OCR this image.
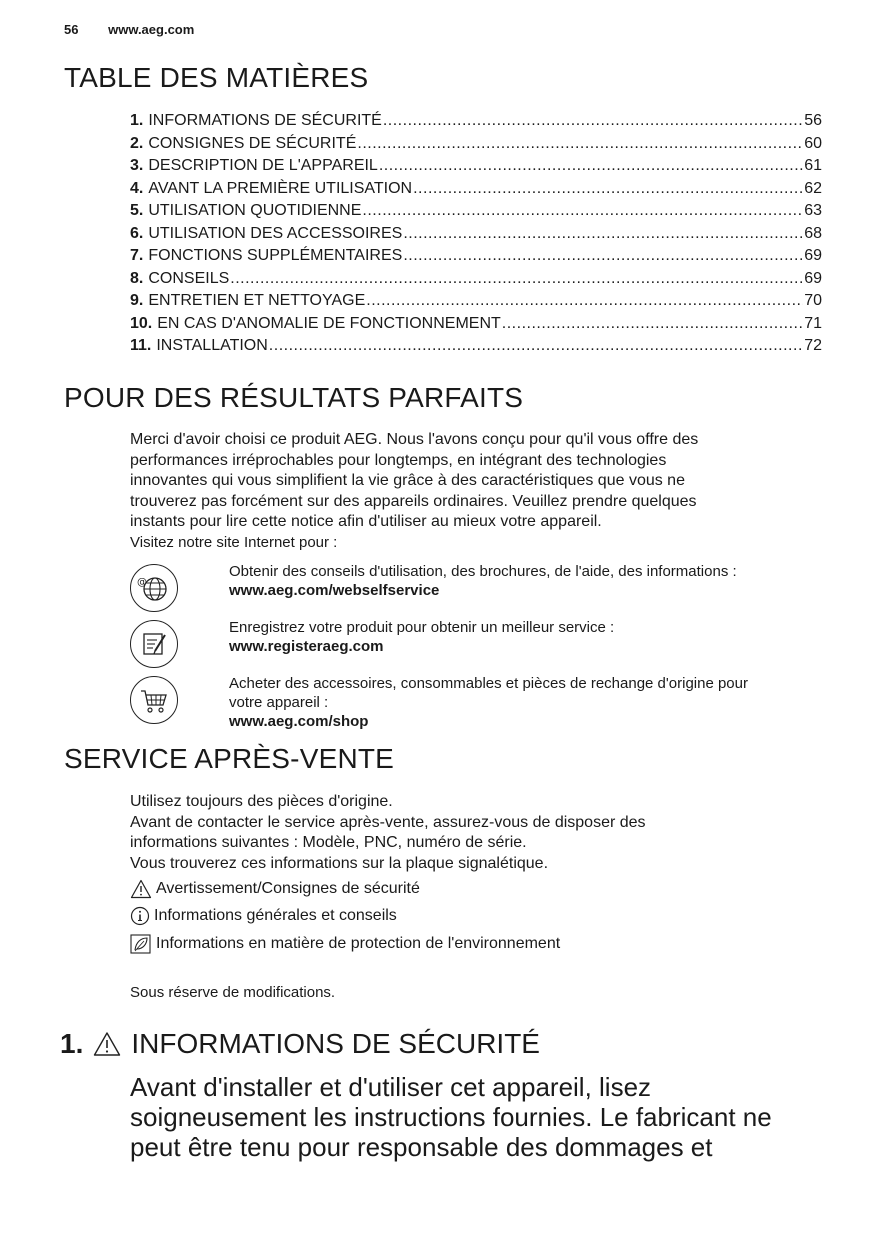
56 www.aeg.com
TABLE DES MATIÈRES
1. INFORMATIONS DE SÉCURITÉ .....	56
2. CONSIGNES DE SÉCURITÉ .....	60
3. DESCRIPTION DE L'APPAREIL .....	61
4. AVANT LA PREMIÈRE UTILISATION .....	62
5. UTILISATION QUOTIDIENNE .....	63
6. UTILISATION DES ACCESSOIRES .....	68
7. FONCTIONS SUPPLÉMENTAIRES .....	69
8. CONSEILS .....	69
9. ENTRETIEN ET NETTOYAGE .....	70
10. EN CAS D'ANOMALIE DE FONCTIONNEMENT .....	71
11. INSTALLATION .....	72
POUR DES RÉSULTATS PARFAITS
Merci d'avoir choisi ce produit AEG. Nous l'avons conçu pour qu'il vous offre des
performances irréprochables pour longtemps, en intégrant des technologies
innovantes qui vous simplifient la vie grâce à des caractéristiques que vous ne
trouverez pas forcément sur des appareils ordinaires. Veuillez prendre quelques
instants pour lire cette notice afin d'utiliser au mieux votre appareil.
Visitez notre site Internet pour :
@
Obtenir des conseils d'utilisation, des brochures, de l'aide, des informations :
www.aeg.com/webselfservice
Enregistrez votre produit pour obtenir un meilleur service :
www.registeraeg.com
Acheter des accessoires, consommables et pièces de rechange d'origine pour
votre appareil :
www.aeg.com/shop
SERVICE APRÈS-VENTE
Utilisez toujours des pièces d'origine.
Avant de contacter le service après-vente, assurez-vous de disposer des
informations suivantes : Modèle, PNC, numéro de série.
Vous trouverez ces informations sur la plaque signalétique.
Avertissement/Consignes de sécurité
Informations générales et conseils
Informations en matière de protection de l'environnement
Sous réserve de modifications.
1. INFORMATIONS DE SÉCURITÉ
Avant d'installer et d'utiliser cet appareil, lisez
soigneusement les instructions fournies. Le fabricant ne
peut être tenu pour responsable des dommages et
